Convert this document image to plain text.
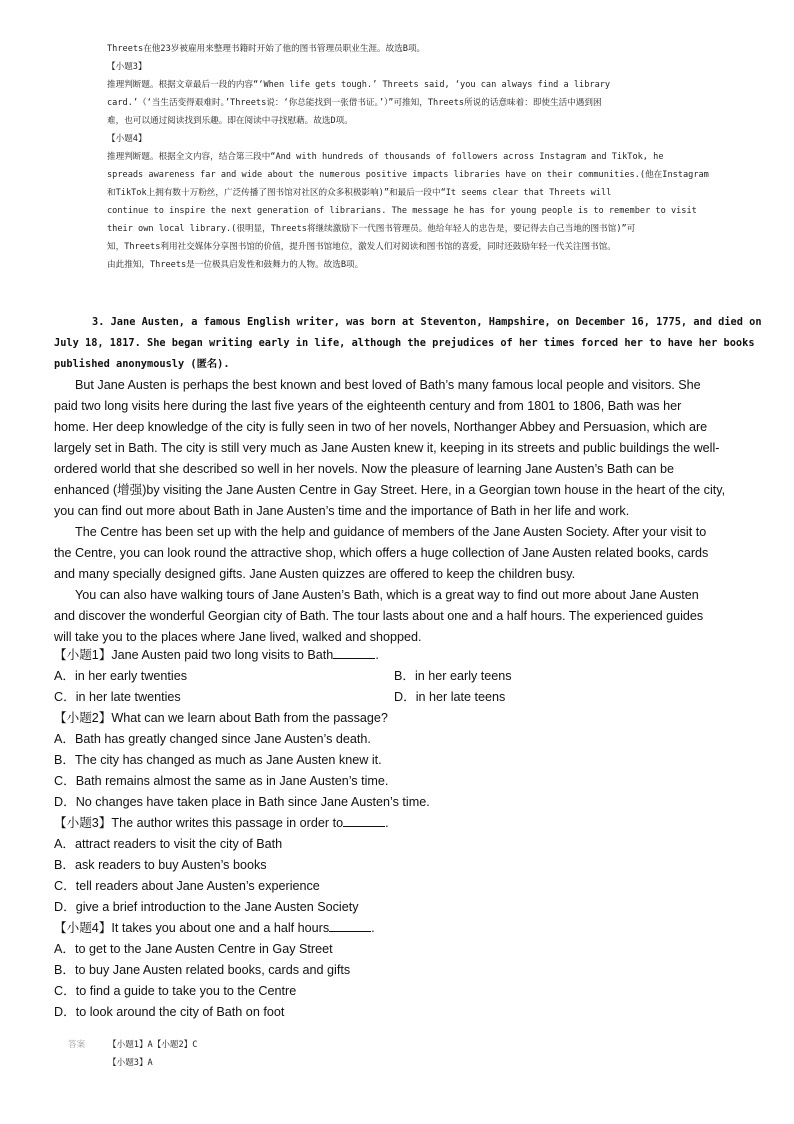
Threets在他23岁被雇用来整理书籍时开始了他的图书管理员职业生涯。故选B项。
【小题3】
推理判断题。根据文章最后一段的内容“‘When life gets tough.’ Threets said, ‘you can always find a library
card.’（‘当生活变得艰难时。’Threets说：‘你总能找到一张借书证。’）”可推知，Threets所说的话意味着：即使生活中遇到困
难，也可以通过阅读找到乐趣。即在阅读中寻找慰藉。故选D项。
【小题4】
推理判断题。根据全文内容，结合第三段中“And with hundreds of thousands of followers across Instagram and TikTok, he
spreads awareness far and wide about the numerous positive impacts libraries have on their communities.(他在Instagram
和TikTok上拥有数十万粉丝，广泛传播了图书馆对社区的众多积极影响)”和最后一段中“It seems clear that Threets will
continue to inspire the next generation of librarians. The message he has for young people is to remember to visit
their own local library.(很明显，Threets将继续激励下一代图书管理员。他给年轻人的忠告是，要记得去自己当地的图书馆)”可
知，Threets利用社交媒体分享图书馆的价值，提升图书馆地位，激发人们对阅读和图书馆的喜爱，同时还鼓励年轻一代关注图书馆。
由此推知，Threets是一位极具启发性和鼓舞力的人物。故选B项。
3. Jane Austen, a famous English writer, was born at Steventon, Hampshire, on December 16, 1775, and died on
July 18, 1817. She began writing early in life, although the prejudices of her times forced her to have her books
published anonymously (匿名).
But Jane Austen is perhaps the best known and best loved of Bath’s many famous local people and visitors. She
paid two long visits here during the last five years of the eighteenth century and from 1801 to 1806, Bath was her
home. Her deep knowledge of the city is fully seen in two of her novels, Northanger Abbey and Persuasion, which are
largely set in Bath. The city is still very much as Jane Austen knew it, keeping in its streets and public buildings the well-
ordered world that she described so well in her novels. Now the pleasure of learning Jane Austen’s Bath can be
enhanced (增强)by visiting the Jane Austen Centre in Gay Street. Here, in a Georgian town house in the heart of the city,
you can find out more about Bath in Jane Austen’s time and the importance of Bath in her life and work.
The Centre has been set up with the help and guidance of members of the Jane Austen Society. After your visit to
the Centre, you can look round the attractive shop, which offers a huge collection of Jane Austen related books, cards
and many specially designed gifts. Jane Austen quizzes are offered to keep the children busy.
You can also have walking tours of Jane Austen’s Bath, which is a great way to find out more about Jane Austen
and discover the wonderful Georgian city of Bath. The tour lasts about one and a half hours. The experienced guides
will take you to the places where Jane lived, walked and shopped.
【小题1】Jane Austen paid two long visits to Bath	.
A．in her early twenties	B．in her early teens
C．in her late twenties	D．in her late teens
【小题2】What can we learn about Bath from the passage?
A．Bath has greatly changed since Jane Austen’s death.
B．The city has changed as much as Jane Austen knew it.
C．Bath remains almost the same as in Jane Austen’s time.
D．No changes have taken place in Bath since Jane Austen’s time.
【小题3】The author writes this passage in order to	.
A．attract readers to visit the city of Bath
B．ask readers to buy Austen’s books
C．tell readers about Jane Austen’s experience
D．give a brief introduction to the Jane Austen Society
【小题4】It takes you about one and a half hours	.
A．to get to the Jane Austen Centre in Gay Street
B．to buy Jane Austen related books, cards and gifts
C．to find a guide to take you to the Centre
D．to look around the city of Bath on foot
答案	【小题1】A【小题2】C
【小题3】A
